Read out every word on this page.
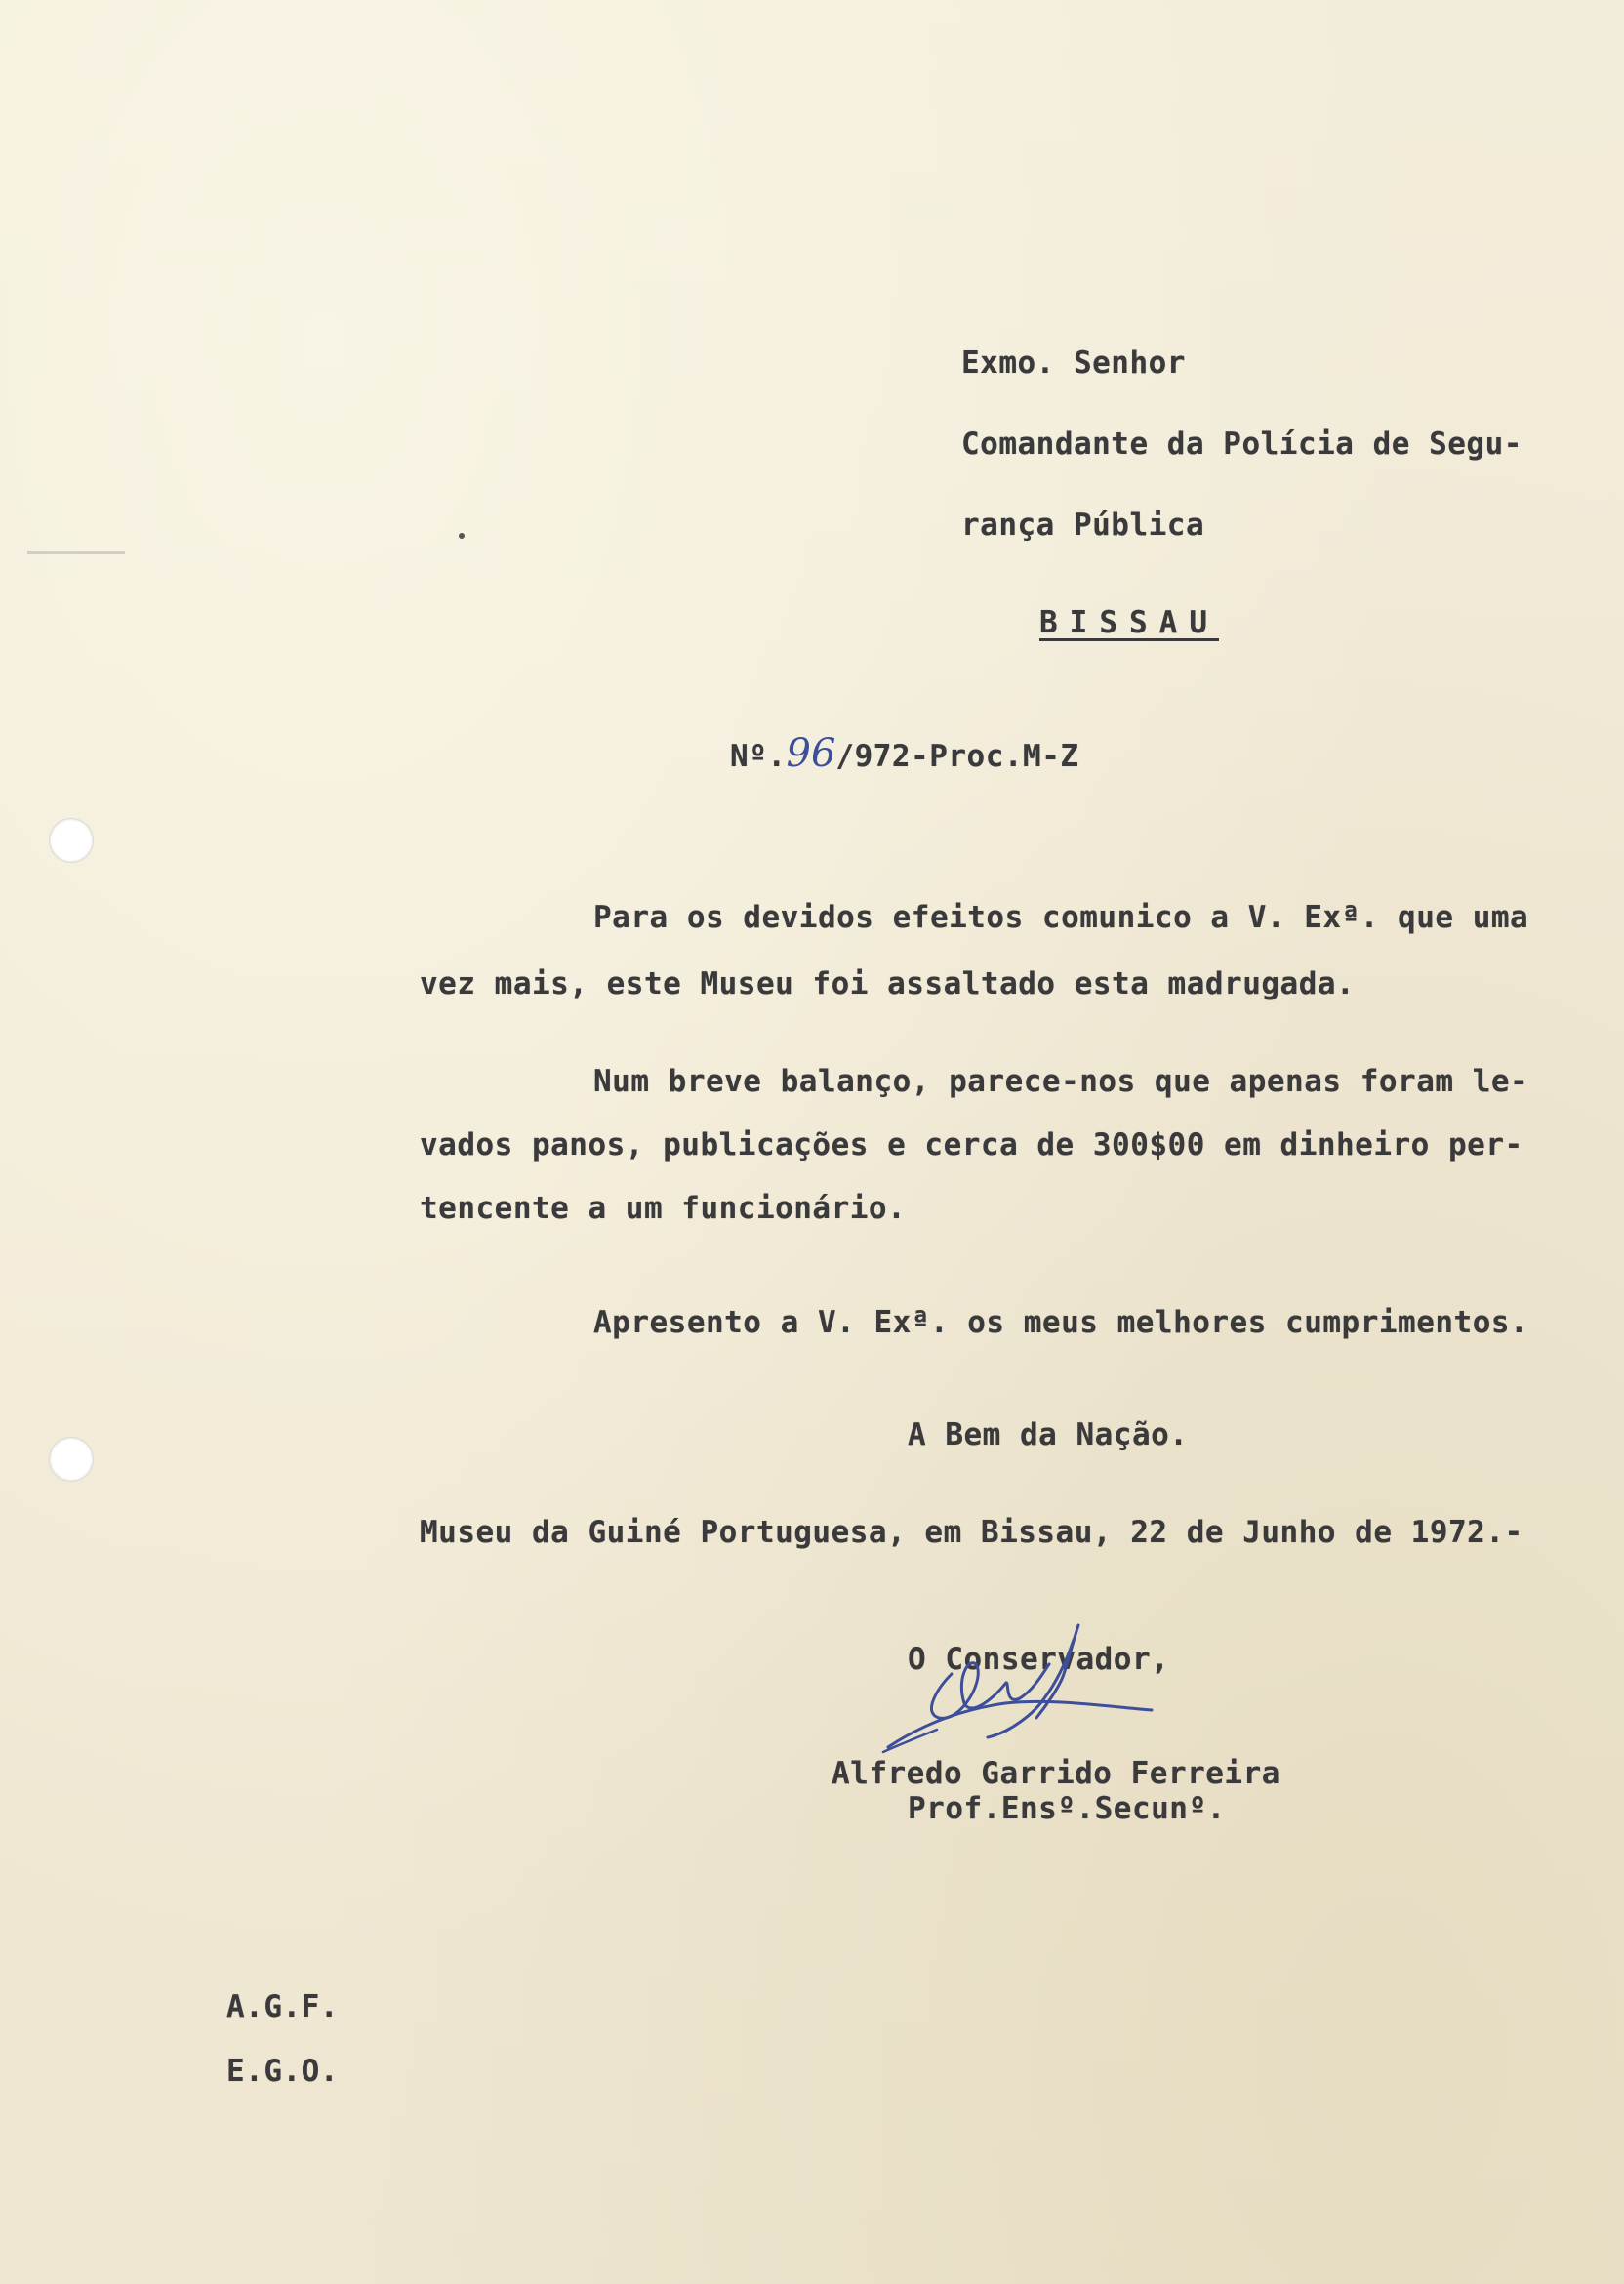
Exmo. Senhor
Comandante da Polícia de Segu-
rança Pública
BISSAU
Nº.96/972-Proc.M-Z
Para os devidos efeitos comunico a V. Exª. que uma
vez mais, este Museu foi assaltado esta madrugada.
Num breve balanço, parece-nos que apenas foram le-
vados panos, publicações e cerca de 300$00 em dinheiro per-
tencente a um funcionário.
Apresento a V. Exª. os meus melhores cumprimentos.
A Bem da Nação.
Museu da Guiné Portuguesa, em Bissau, 22 de Junho de 1972.-
O Conservador,
Alfredo Garrido Ferreira
Prof.Ensº.Secunº.
A.G.F.
E.G.O.
